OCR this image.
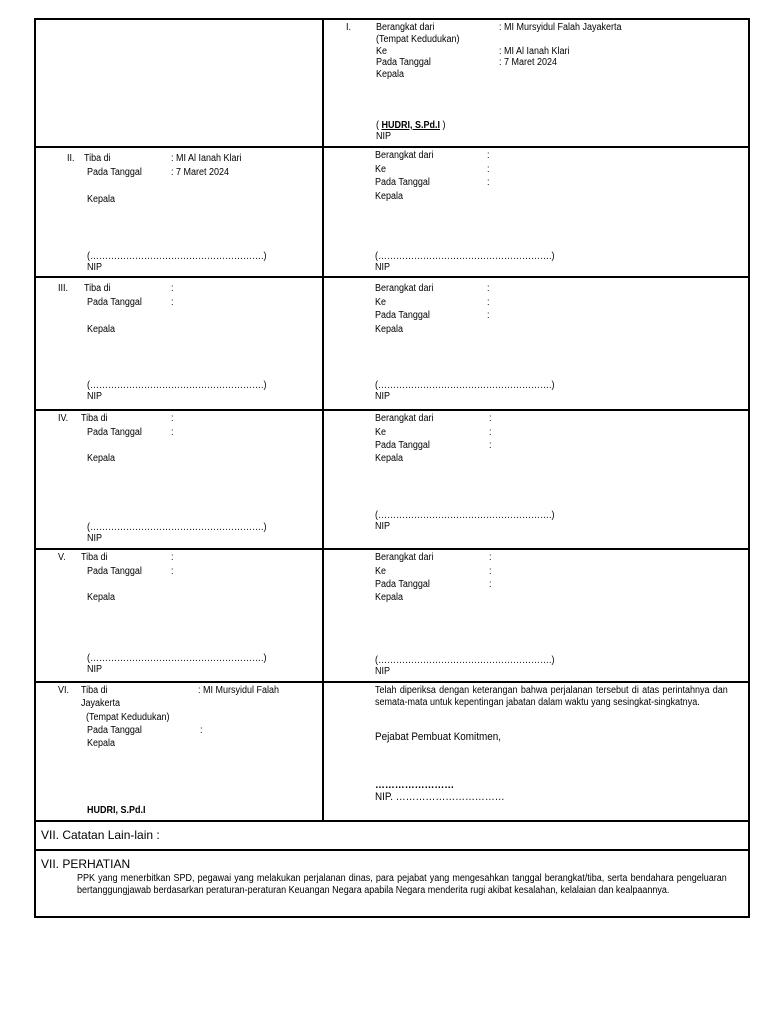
I. Berangkat dari	: MI Mursyidul Falah Jayakerta
(Tempat Kedudukan)
Ke	: MI Al Ianah Klari
Pada Tanggal	: 7 Maret 2024
Kepala
( HUDRI, S.Pd.I )
NIP
II. Tiba di	: MI Al Ianah Klari
Pada Tanggal	: 7 Maret 2024
Kepala
(………………………………………………….)
NIP
Berangkat dari	:
Ke	:
Pada Tanggal	:
Kepala
(………………………………………………….)
NIP
III. Tiba di	:
Pada Tanggal	:
Kepala
(………………………………………………….)
NIP
Berangkat dari	:
Ke	:
Pada Tanggal	:
Kepala
(………………………………………………….)
NIP
IV. Tiba di	:
Pada Tanggal	:
Kepala
(………………………………………………….)
NIP
Berangkat dari	:
Ke	:
Pada Tanggal	:
Kepala
(………………………………………………….)
NIP
V. Tiba di	:
Pada Tanggal	:
Kepala
(………………………………………………….)
NIP
Berangkat dari	:
Ke	:
Pada Tanggal	:
Kepala
(………………………………………………….)
NIP
VI. Tiba di	: MI Mursyidul Falah
Jayakerta
(Tempat Kedudukan)
Pada Tanggal	:
Kepala
HUDRI, S.Pd.I
Telah diperiksa dengan keterangan bahwa perjalanan tersebut di atas perintahnya dan semata-mata untuk kepentingan jabatan dalam waktu yang sesingkat-singkatnya.
Pejabat Pembuat Komitmen,
……………………
NIP. ……………………………
VII. Catatan Lain-lain :
VII. PERHATIAN
PPK yang menerbitkan SPD, pegawai yang melakukan perjalanan dinas, para pejabat yang mengesahkan tanggal berangkat/tiba, serta bendahara pengeluaran bertanggungjawab berdasarkan peraturan-peraturan Keuangan Negara apabila Negara menderita rugi akibat kesalahan, kelalaian dan kealpaannya.
